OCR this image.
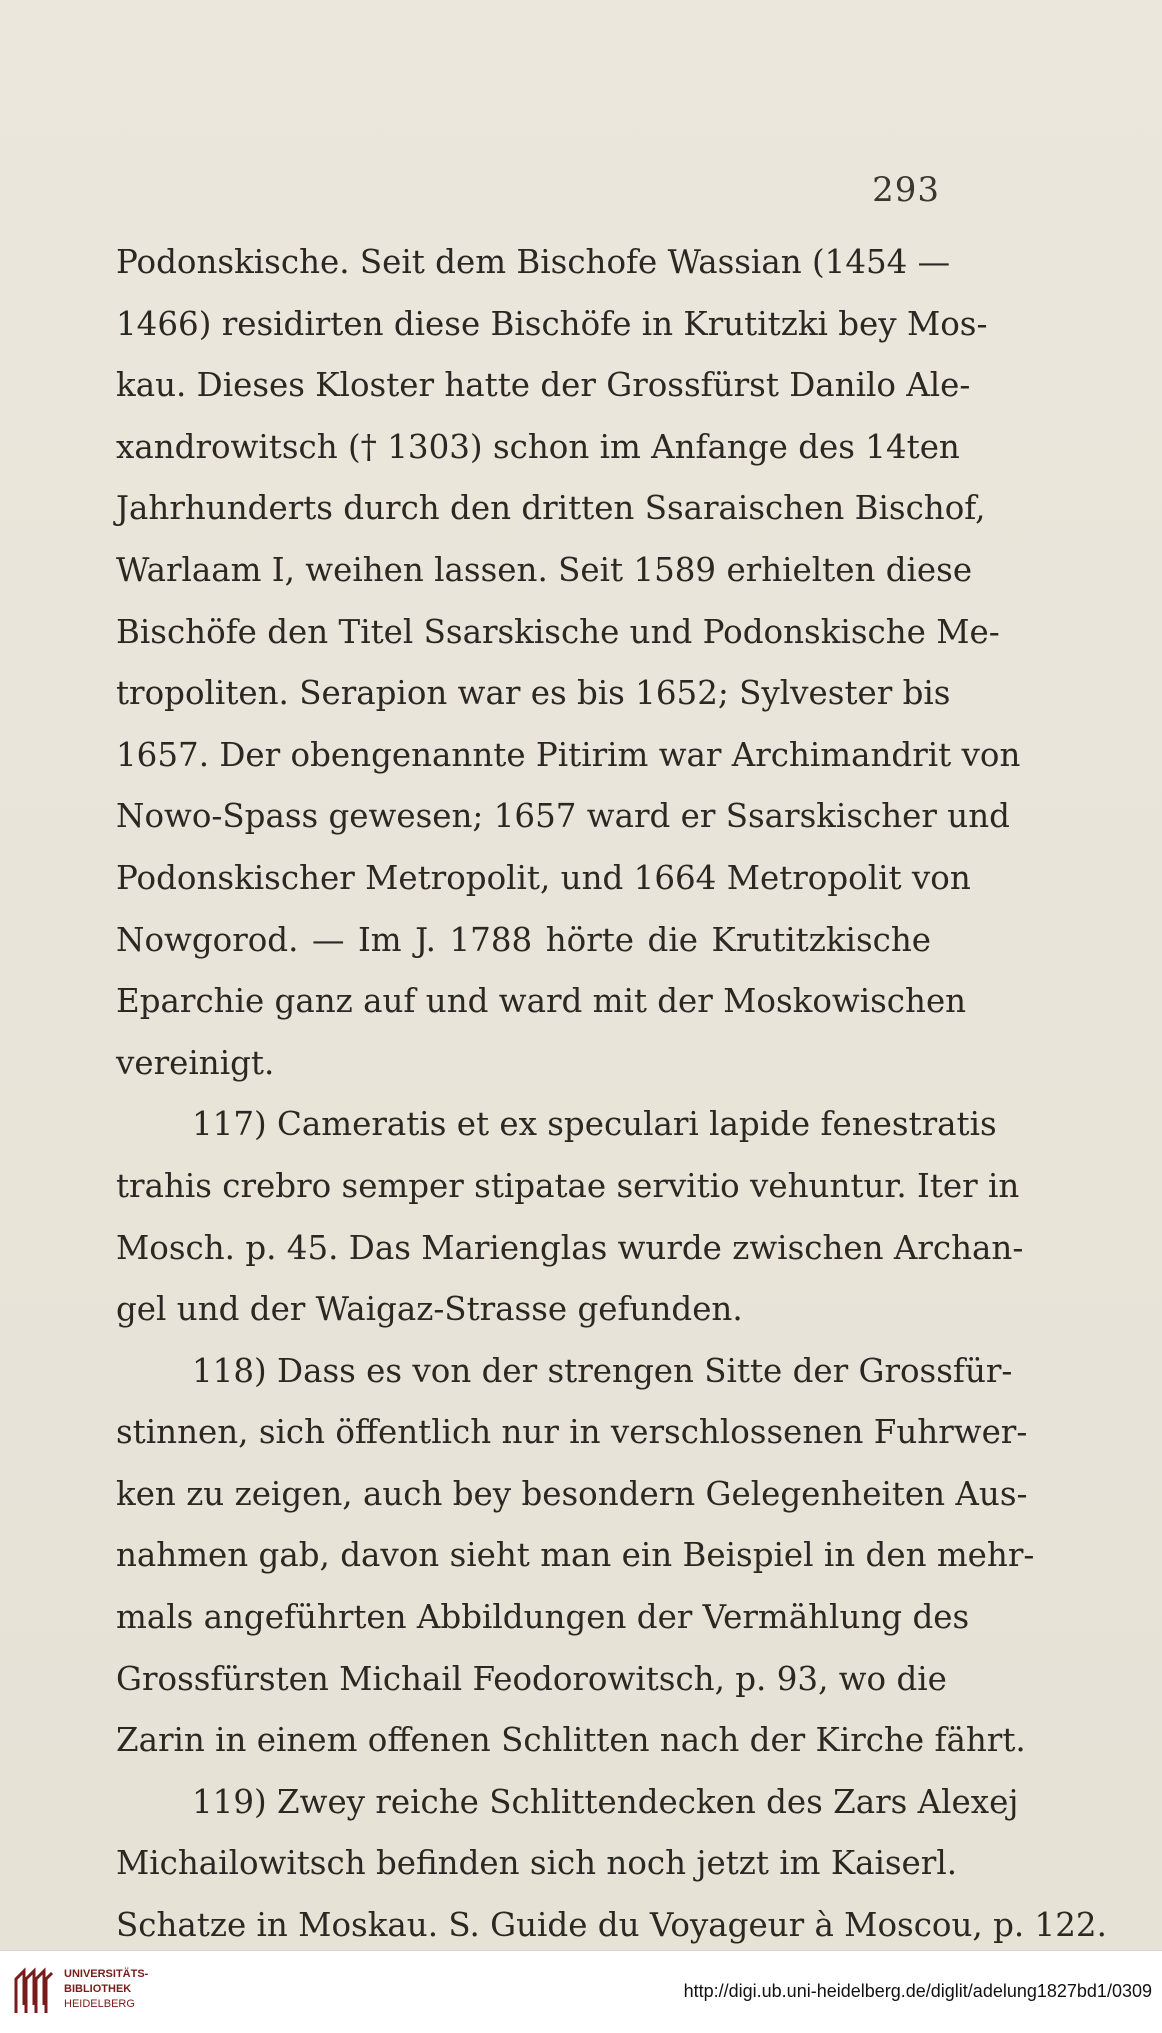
293
Podonskische. Seit dem Bischofe Wassian (1454 —
1466) residirten diese Bischöfe in Krutitzki bey Mos-
kau. Dieses Kloster hatte der Grossfürst Danilo Ale-
xandrowitsch († 1303) schon im Anfange des 14ten
Jahrhunderts durch den dritten Ssaraischen Bischof,
Warlaam I, weihen lassen. Seit 1589 erhielten diese
Bischöfe den Titel Ssarskische und Podonskische Me-
tropoliten. Serapion war es bis 1652; Sylvester bis
1657. Der obengenannte Pitirim war Archimandrit von
Nowo-Spass gewesen; 1657 ward er Ssarskischer und
Podonskischer Metropolit, und 1664 Metropolit von
Nowgorod. — Im J. 1788 hörte die Krutitzkische
Eparchie ganz auf und ward mit der Moskowischen
vereinigt.
117) Cameratis et ex speculari lapide fenestratis
trahis crebro semper stipatae servitio vehuntur. Iter in
Mosch. p. 45. Das Marienglas wurde zwischen Archan-
gel und der Waigaz-Strasse gefunden.
118) Dass es von der strengen Sitte der Grossfür-
stinnen, sich öffentlich nur in verschlossenen Fuhrwer-
ken zu zeigen, auch bey besondern Gelegenheiten Aus-
nahmen gab, davon sieht man ein Beispiel in den mehr-
mals angeführten Abbildungen der Vermählung des
Grossfürsten Michail Feodorowitsch, p. 93, wo die
Zarin in einem offenen Schlitten nach der Kirche fährt.
119) Zwey reiche Schlittendecken des Zars Alexej
Michailowitsch befinden sich noch jetzt im Kaiserl.
Schatze in Moskau. S. Guide du Voyageur à Moscou, p. 122.
UNIVERSITÄTS-
BIBLIOTHEK
HEIDELBERG
http://digi.ub.uni-heidelberg.de/diglit/adelung1827bd1/0309
